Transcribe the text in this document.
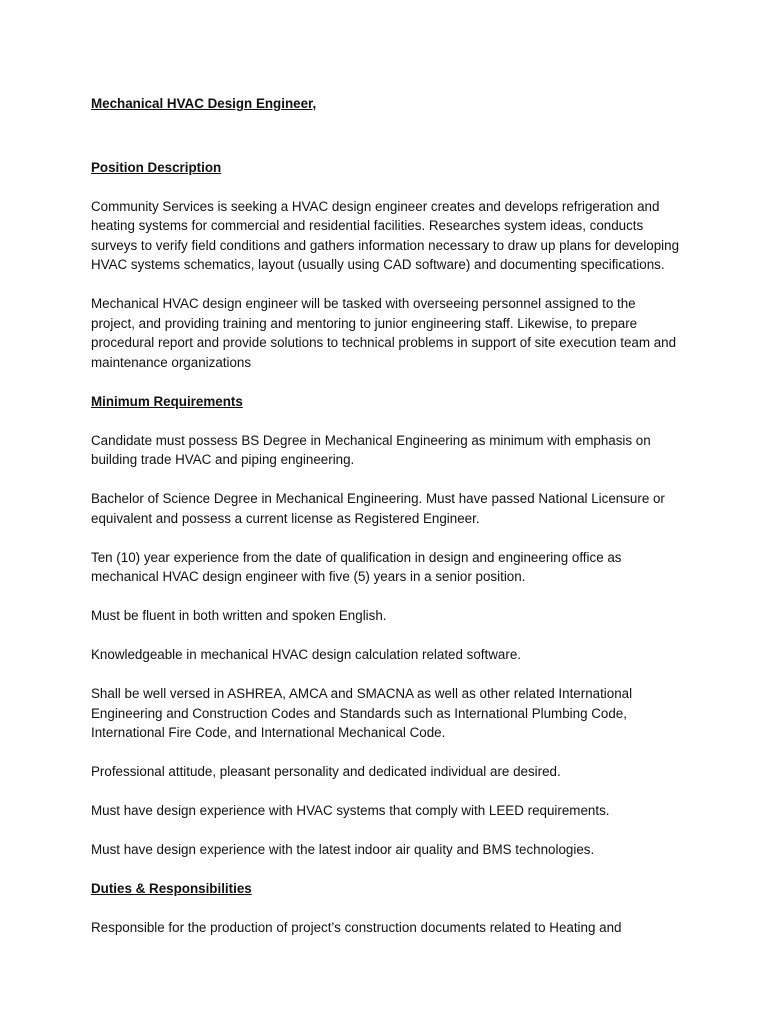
Mechanical HVAC Design Engineer,

Position Description

Community Services is seeking a HVAC design engineer creates and develops refrigeration and heating systems for commercial and residential facilities. Researches system ideas, conducts surveys to verify field conditions and gathers information necessary to draw up plans for developing HVAC systems schematics, layout (usually using CAD software) and documenting specifications.

Mechanical HVAC design engineer will be tasked with overseeing personnel assigned to the project, and providing training and mentoring to junior engineering staff. Likewise, to prepare procedural report and provide solutions to technical problems in support of site execution team and maintenance organizations

Minimum Requirements

Candidate must possess BS Degree in Mechanical Engineering as minimum with emphasis on building trade HVAC and piping engineering.

Bachelor of Science Degree in Mechanical Engineering. Must have passed National Licensure or equivalent and possess a current license as Registered Engineer.

Ten (10) year experience from the date of qualification in design and engineering office as mechanical HVAC design engineer with five (5) years in a senior position.

Must be fluent in both written and spoken English.

Knowledgeable in mechanical HVAC design calculation related software.

Shall be well versed in ASHREA, AMCA and SMACNA as well as other related International Engineering and Construction Codes and Standards such as International Plumbing Code, International Fire Code, and International Mechanical Code.

Professional attitude, pleasant personality and dedicated individual are desired.

Must have design experience with HVAC systems that comply with LEED requirements.

Must have design experience with the latest indoor air quality and BMS technologies.

Duties & Responsibilities

Responsible for the production of project’s construction documents related to Heating and
